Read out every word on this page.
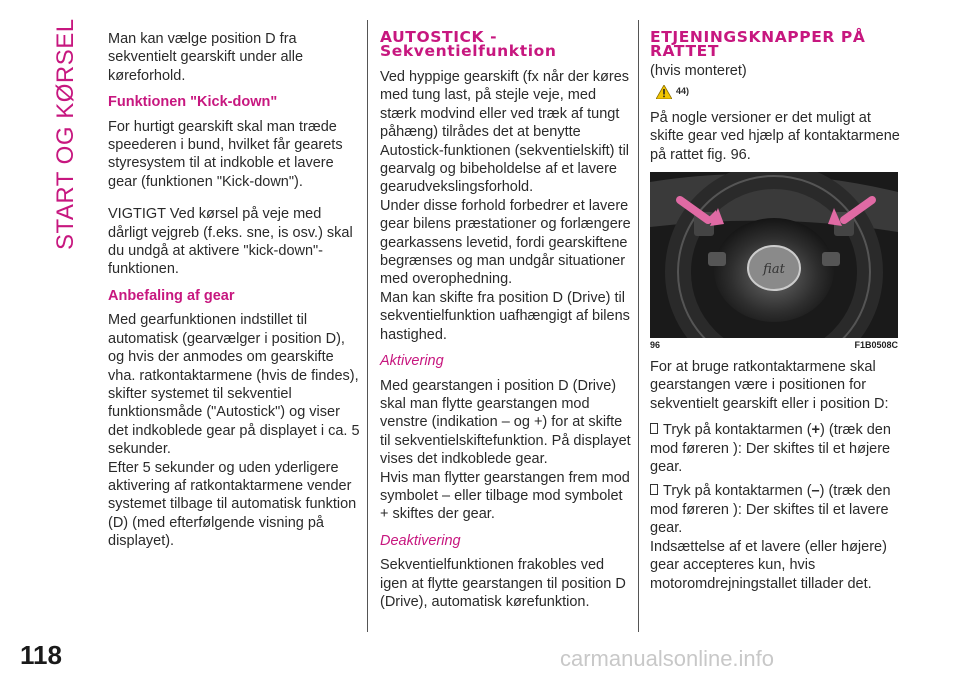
START OG KØRSEL Man kan vælge position D fra sekventielt gearskift under alle køreforhold.

Funktionen "Kick-down"

For hurtigt gearskift skal man træde speederen i bund, hvilket får gearets styresystem til at indkoble et lavere gear (funktionen "Kick-down").

VIGTIGT Ved kørsel på veje med dårligt vejgreb (f.eks. sne, is osv.) skal du undgå at aktivere "kick-down"-funktionen.

Anbefaling af gear

Med gearfunktionen indstillet til automatisk (gearvælger i position D), og hvis der anmodes om gearskifte vha. ratkontaktarmene (hvis de findes), skifter systemet til sekventiel funktionsmåde ("Autostick") og viser det indkoblede gear på displayet i ca. 5 sekunder.

Efter 5 sekunder og uden yderligere aktivering af ratkontaktarmene vender systemet tilbage til automatisk funktion (D) (med efterfølgende visning på displayet).

AUTOSTICK - Sekventielfunktion

Ved hyppige gearskift (fx når der køres med tung last, på stejle veje, med stærk modvind eller ved træk af tungt påhæng) tilrådes det at benytte Autostick-funktionen (sekventielskift) til gearvalg og bibeholdelse af et lavere gearudvekslingsforhold.

Under disse forhold forbedrer et lavere gear bilens præstationer og forlængere gearkassens levetid, fordi gearskiftene begrænses og man undgår situationer med overophedning.

Man kan skifte fra position D (Drive) til sekventielfunktion uafhængigt af bilens hastighed.

Aktivering

Med gearstangen i position D (Drive) skal man flytte gearstangen mod venstre (indikation – og +) for at skifte til sekventielskiftefunktion. På displayet vises det indkoblede gear.

Hvis man flytter gearstangen frem mod symbolet – eller tilbage mod symbolet + skiftes der gear.

Deaktivering

Sekventielfunktionen frakobles ved igen at flytte gearstangen til position D (Drive), automatisk kørefunktion.

ETJENINGSKNAPPER PÅ RATTET
(hvis monteret)
44)

På nogle versioner er det muligt at skifte gear ved hjælp af kontaktarmene på rattet fig. 96.

fiat
96	F1B0508C

For at bruge ratkontaktarmene skal gearstangen være i positionen for sekventielt gearskift eller i position D:

Tryk på kontaktarmen (+) (træk den mod føreren ): Der skiftes til et højere gear.

Tryk på kontaktarmen (–) (træk den mod føreren ): Der skiftes til et lavere gear.

Indsættelse af et lavere (eller højere) gear accepteres kun, hvis motoromdrejningstallet tillader det.

118	carmanualsonline.info
